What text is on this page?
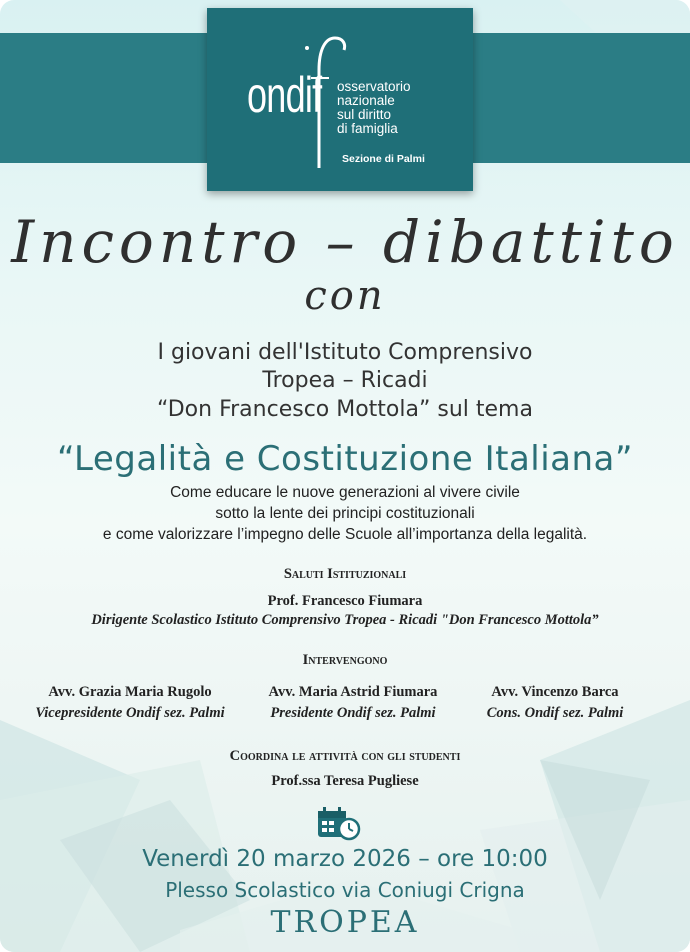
ondif osservatorio
nazionale
sul diritto
di famiglia
Sezione di Palmi
Incontro – dibattito
con
I giovani dell'Istituto Comprensivo
Tropea – Ricadi
“Don Francesco Mottola” sul tema
“Legalità e Costituzione Italiana”
Come educare le nuove generazioni al vivere civile
sotto la lente dei principi costituzionali
e come valorizzare l’impegno delle Scuole all’importanza della legalità.
Saluti Istituzionali
Prof. Francesco Fiumara
Dirigente Scolastico Istituto Comprensivo Tropea - Ricadi "Don Francesco Mottola”
Intervengono
Avv. Grazia Maria Rugolo
Vicepresidente Ondif sez. Palmi
Avv. Maria Astrid Fiumara
Presidente Ondif sez. Palmi
Avv. Vincenzo Barca
Cons. Ondif sez. Palmi
Coordina le attività con gli studenti
Prof.ssa Teresa Pugliese
Venerdì 20 marzo 2026 – ore 10:00
Plesso Scolastico via Coniugi Crigna
TROPEA
